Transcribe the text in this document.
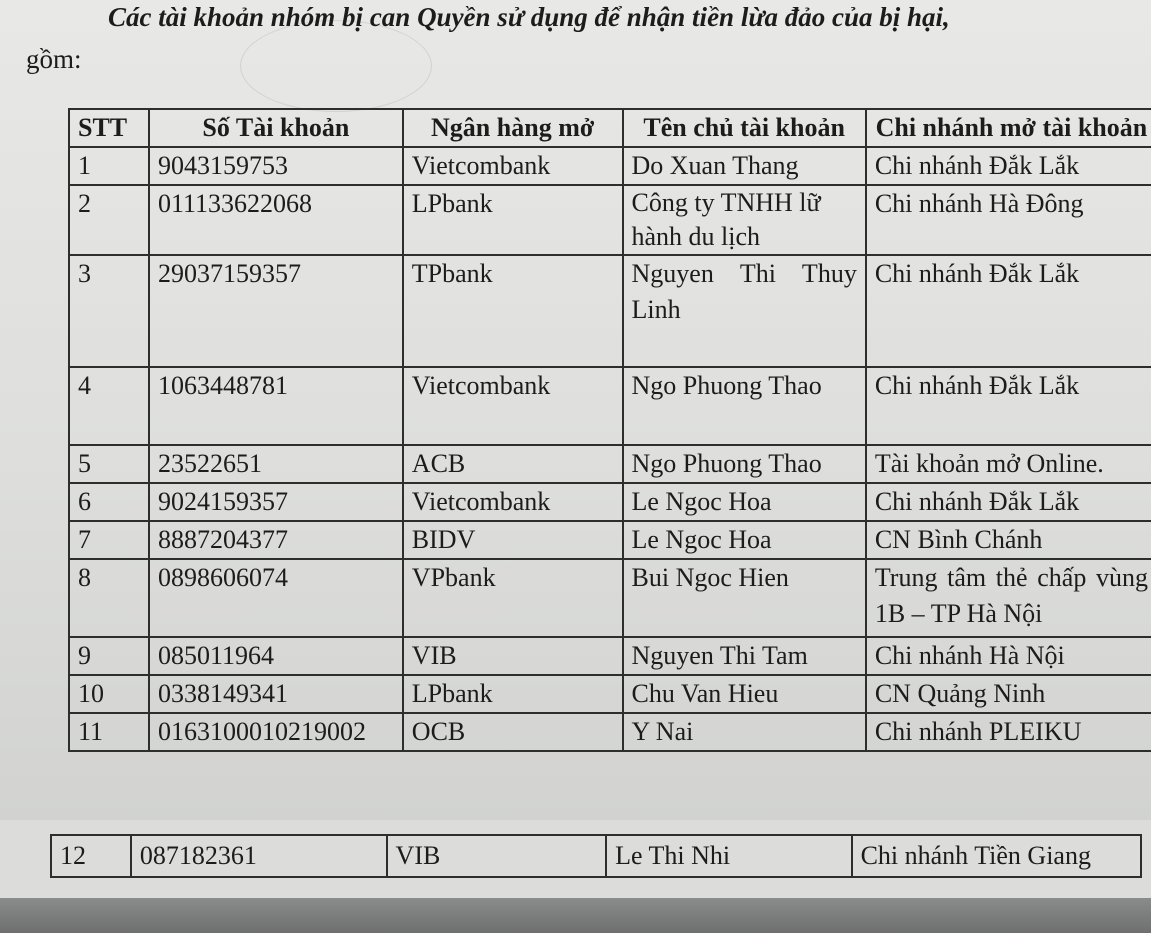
Các tài khoản nhóm bị can Quyền sử dụng để nhận tiền lừa đảo của bị hại,
gồm:
STT	Số Tài khoản	Ngân hàng mở	Tên chủ tài khoản	Chi nhánh mở tài khoản
1	9043159753	Vietcombank	Do Xuan Thang	Chi nhánh Đắk Lắk
2	011133622068	LPbank	Công ty TNHH lữ hành du lịch	Chi nhánh Hà Đông
3	29037159357	TPbank	Nguyen Thi Thuy Linh	Chi nhánh Đắk Lắk
4	1063448781	Vietcombank	Ngo Phuong Thao	Chi nhánh Đắk Lắk
5	23522651	ACB	Ngo Phuong Thao	Tài khoản mở Online.
6	9024159357	Vietcombank	Le Ngoc Hoa	Chi nhánh Đắk Lắk
7	8887204377	BIDV	Le Ngoc Hoa	CN Bình Chánh
8	0898606074	VPbank	Bui Ngoc Hien	Trung tâm thẻ chấp vùng 1B – TP Hà Nội
9	085011964	VIB	Nguyen Thi Tam	Chi nhánh Hà Nội
10	0338149341	LPbank	Chu Van Hieu	CN Quảng Ninh
11	0163100010219002	OCB	Y Nai	Chi nhánh PLEIKU
12	087182361	VIB	Le Thi Nhi	Chi nhánh Tiền Giang
